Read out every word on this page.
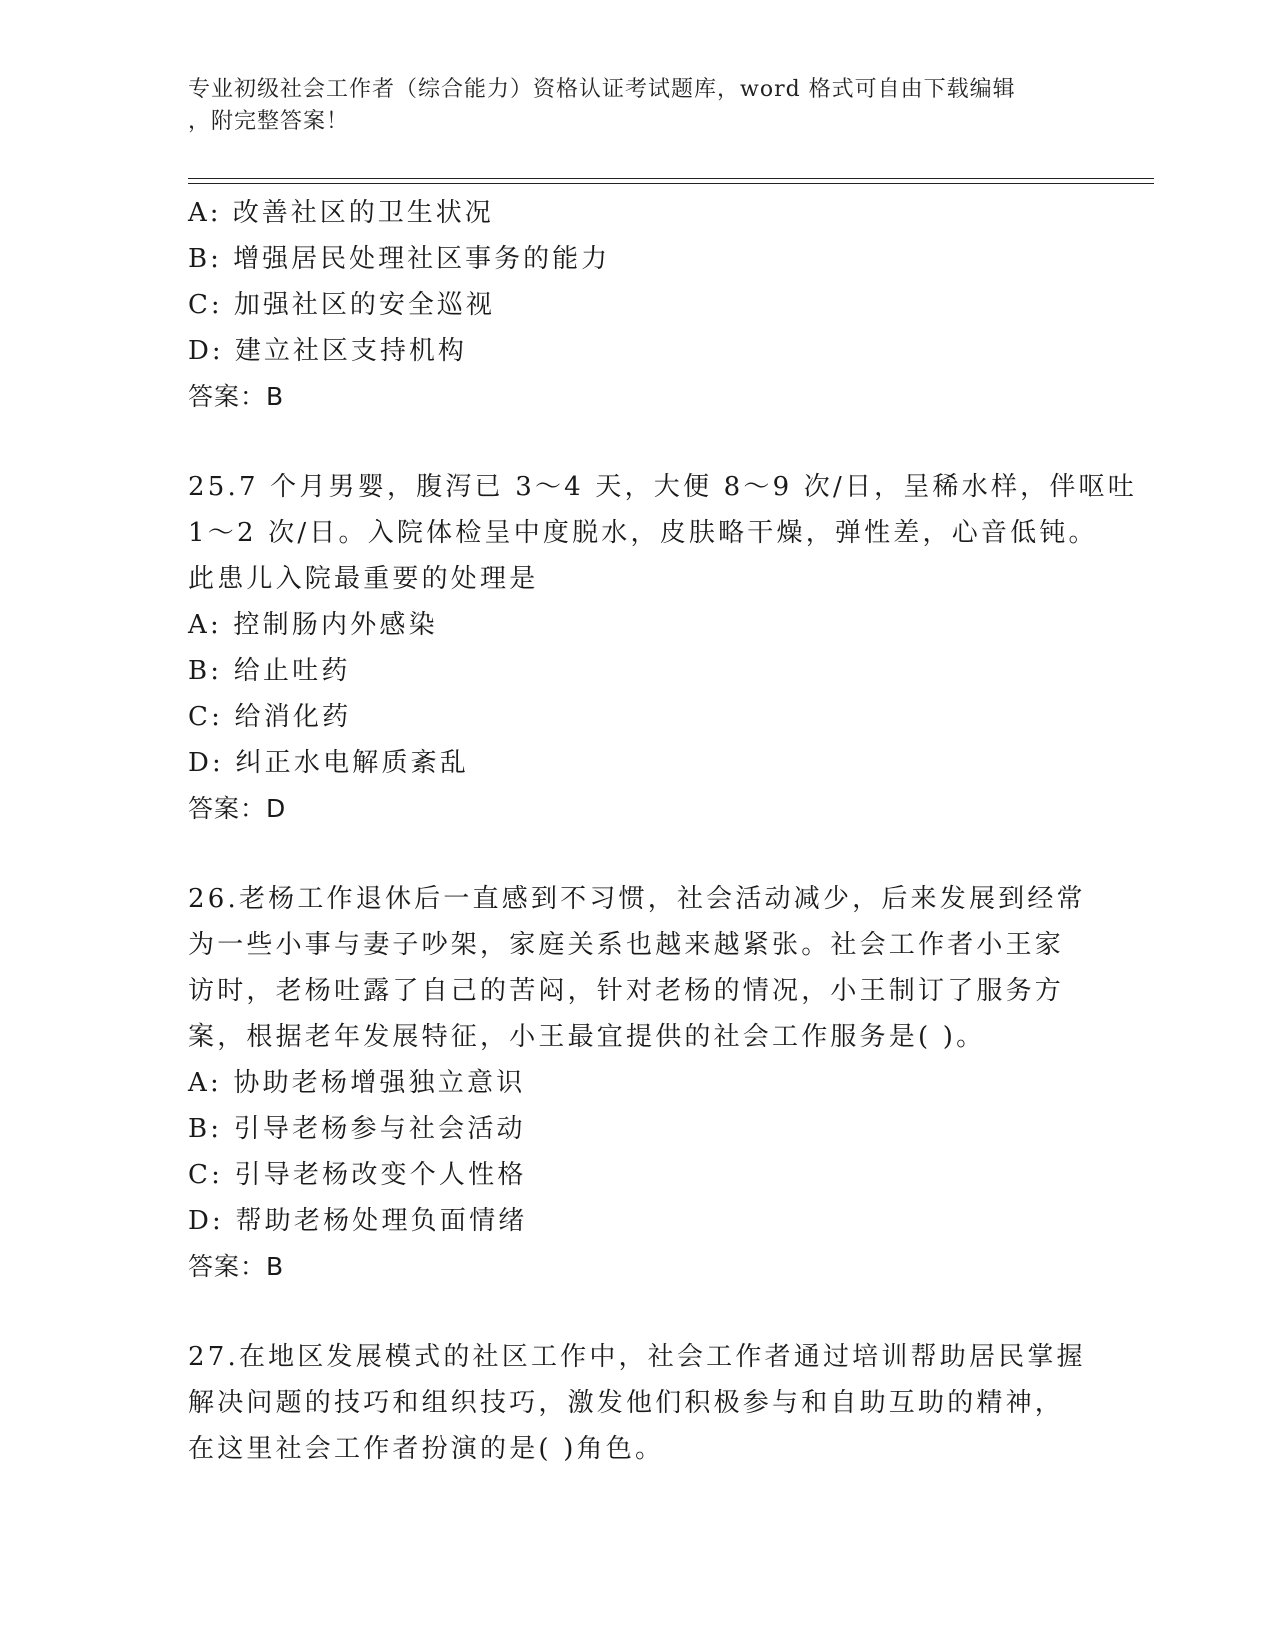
专业初级社会工作者（综合能力）资格认证考试题库，word 格式可自由下载编辑
，附完整答案！
A: 改善社区的卫生状况
B: 增强居民处理社区事务的能力
C: 加强社区的安全巡视
D: 建立社区支持机构
答案：B
25.7 个月男婴，腹泻已 3～4 天，大便 8～9 次/日，呈稀水样，伴呕吐
1～2 次/日。入院体检呈中度脱水，皮肤略干燥，弹性差，心音低钝。
此患儿入院最重要的处理是
A: 控制肠内外感染
B: 给止吐药
C: 给消化药
D: 纠正水电解质紊乱
答案：D
26.老杨工作退休后一直感到不习惯，社会活动减少，后来发展到经常
为一些小事与妻子吵架，家庭关系也越来越紧张。社会工作者小王家
访时，老杨吐露了自己的苦闷，针对老杨的情况，小王制订了服务方
案，根据老年发展特征，小王最宜提供的社会工作服务是( )。
A: 协助老杨增强独立意识
B: 引导老杨参与社会活动
C: 引导老杨改变个人性格
D: 帮助老杨处理负面情绪
答案：B
27.在地区发展模式的社区工作中，社会工作者通过培训帮助居民掌握
解决问题的技巧和组织技巧，激发他们积极参与和自助互助的精神，
在这里社会工作者扮演的是( )角色。
